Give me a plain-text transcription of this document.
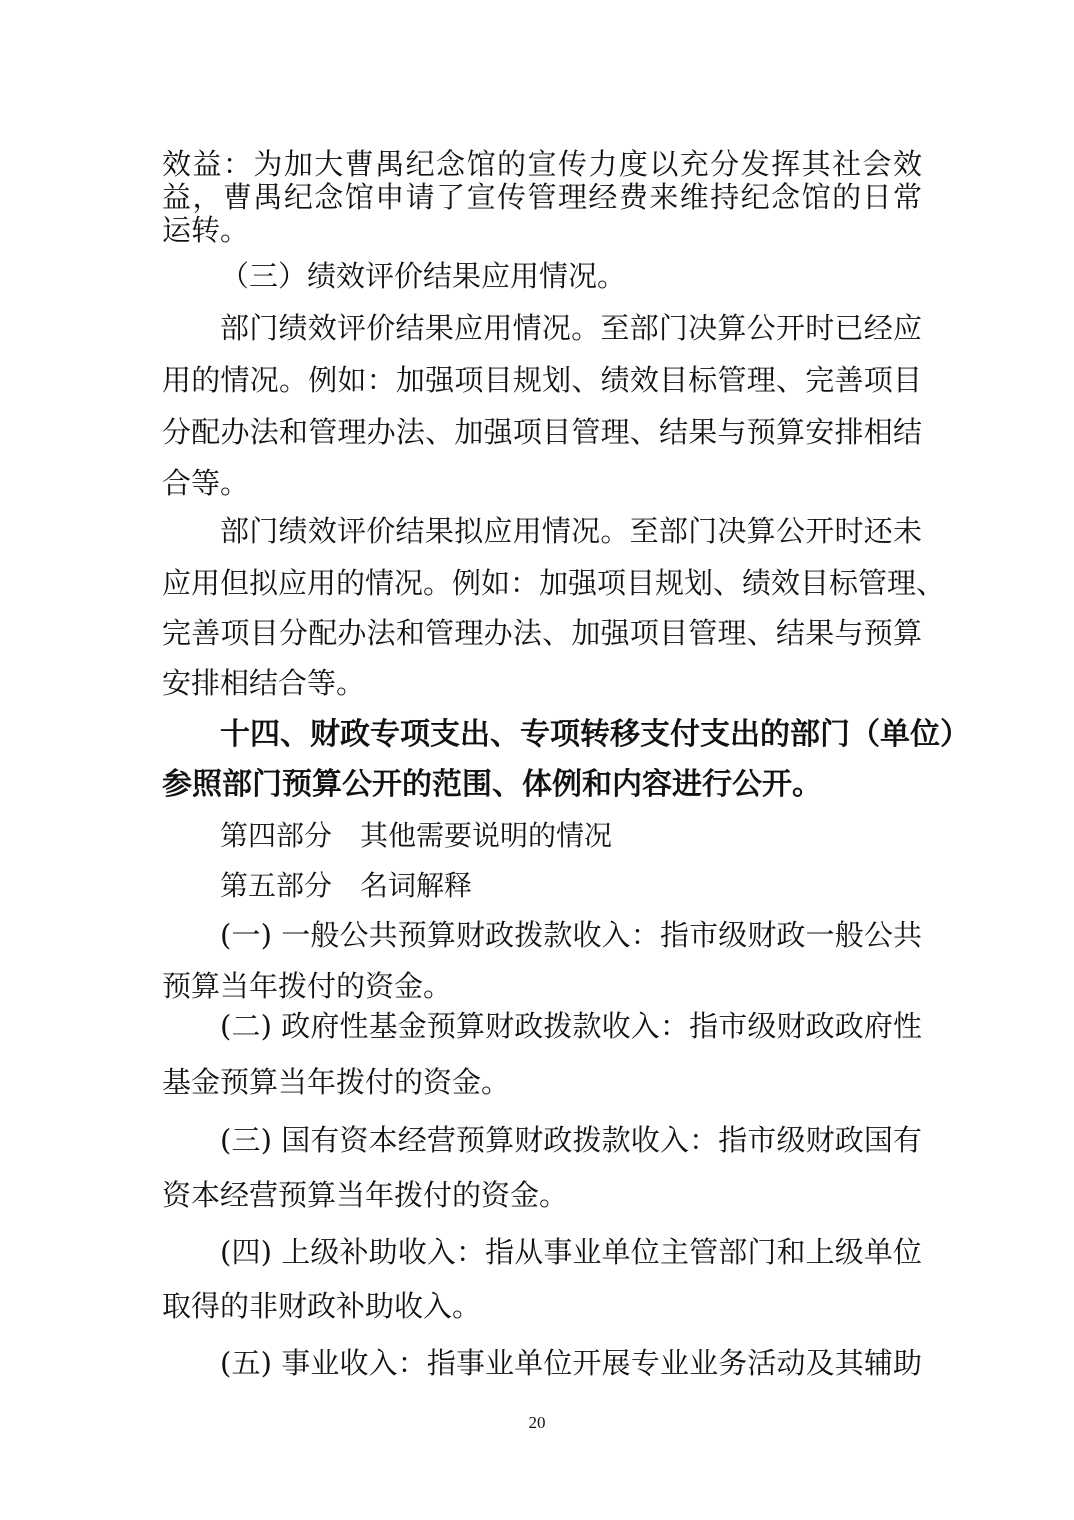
效益：为加大曹禺纪念馆的宣传力度以充分发挥其社会效
益，曹禺纪念馆申请了宣传管理经费来维持纪念馆的日常
运转。
（三）绩效评价结果应用情况。
部门绩效评价结果应用情况。至部门决算公开时已经应
用的情况。例如：加强项目规划、绩效目标管理、完善项目
分配办法和管理办法、加强项目管理、结果与预算安排相结
合等。
部门绩效评价结果拟应用情况。至部门决算公开时还未
应用但拟应用的情况。例如：加强项目规划、绩效目标管理、
完善项目分配办法和管理办法、加强项目管理、结果与预算
安排相结合等。
十四、财政专项支出、专项转移支付支出的部门（单位）
参照部门预算公开的范围、体例和内容进行公开。
第四部分　其他需要说明的情况
第五部分　名词解释
(一) 一般公共预算财政拨款收入：指市级财政一般公共
预算当年拨付的资金。
(二) 政府性基金预算财政拨款收入：指市级财政政府性
基金预算当年拨付的资金。
(三) 国有资本经营预算财政拨款收入：指市级财政国有
资本经营预算当年拨付的资金。
(四) 上级补助收入：指从事业单位主管部门和上级单位
取得的非财政补助收入。
(五) 事业收入：指事业单位开展专业业务活动及其辅助
20
